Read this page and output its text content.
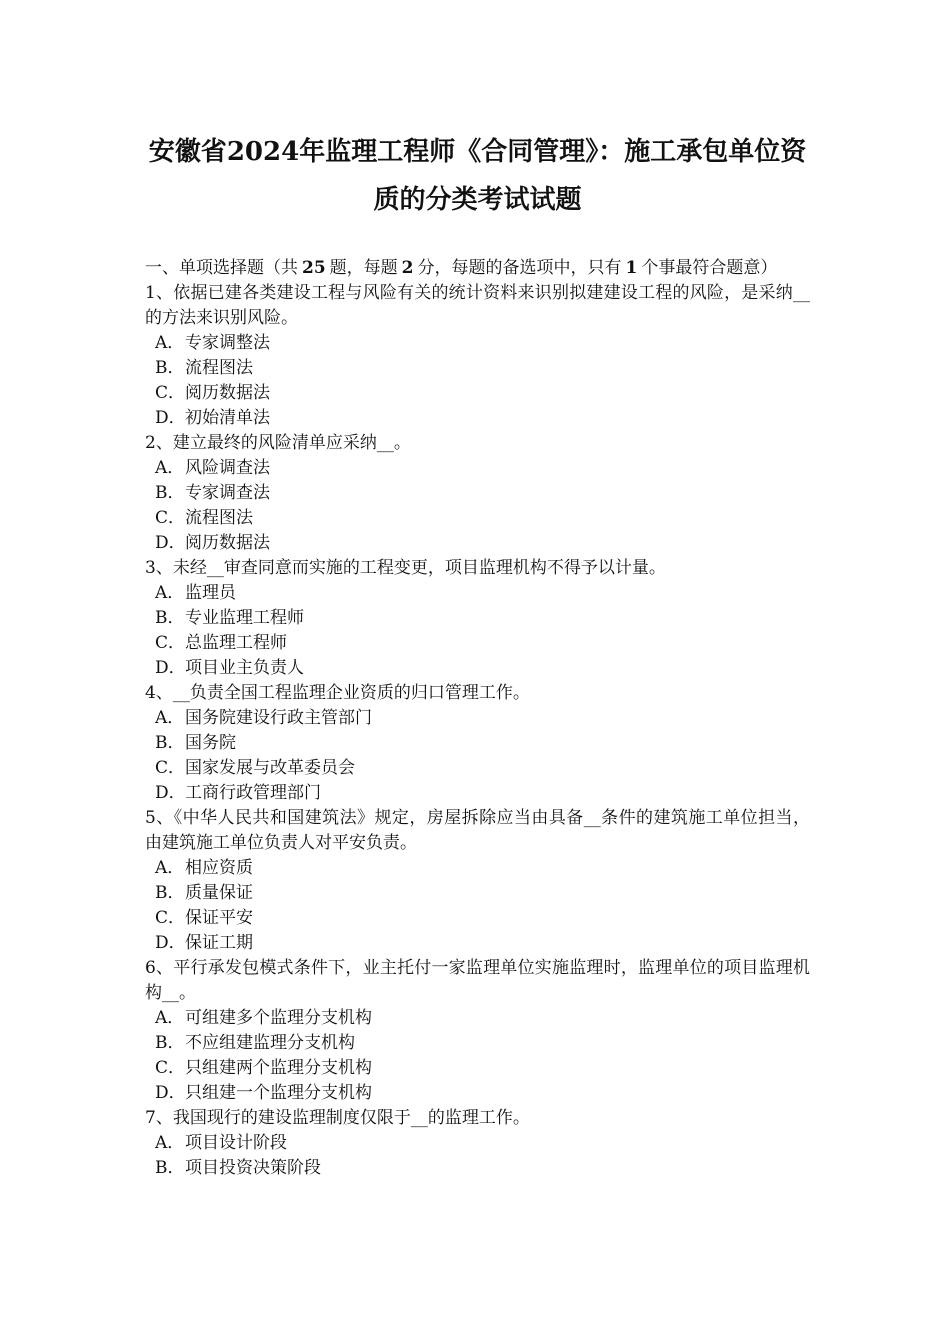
安徽省2024年监理工程师《合同管理》：施工承包单位资
质的分类考试试题

一、单项选择题（共 25 题，每题 2 分，每题的备选项中，只有 1 个事最符合题意）

1、依据已建各类建设工程与风险有关的统计资料来识别拟建建设工程的风险，是采纳__的方法来识别风险。

A．专家调整法

B．流程图法

C．阅历数据法

D．初始清单法

2、建立最终的风险清单应采纳__。

A．风险调查法

B．专家调查法

C．流程图法

D．阅历数据法

3、未经__审查同意而实施的工程变更，项目监理机构不得予以计量。

A．监理员

B．专业监理工程师

C．总监理工程师

D．项目业主负责人

4、__负责全国工程监理企业资质的归口管理工作。

A．国务院建设行政主管部门

B．国务院

C．国家发展与改革委员会

D．工商行政管理部门

5、《中华人民共和国建筑法》规定，房屋拆除应当由具备__条件的建筑施工单位担当，由建筑施工单位负责人对平安负责。

A．相应资质

B．质量保证

C．保证平安

D．保证工期

6、平行承发包模式条件下，业主托付一家监理单位实施监理时，监理单位的项目监理机构__。

A．可组建多个监理分支机构

B．不应组建监理分支机构

C．只组建两个监理分支机构

D．只组建一个监理分支机构

7、我国现行的建设监理制度仅限于__的监理工作。

A．项目设计阶段

B．项目投资决策阶段
